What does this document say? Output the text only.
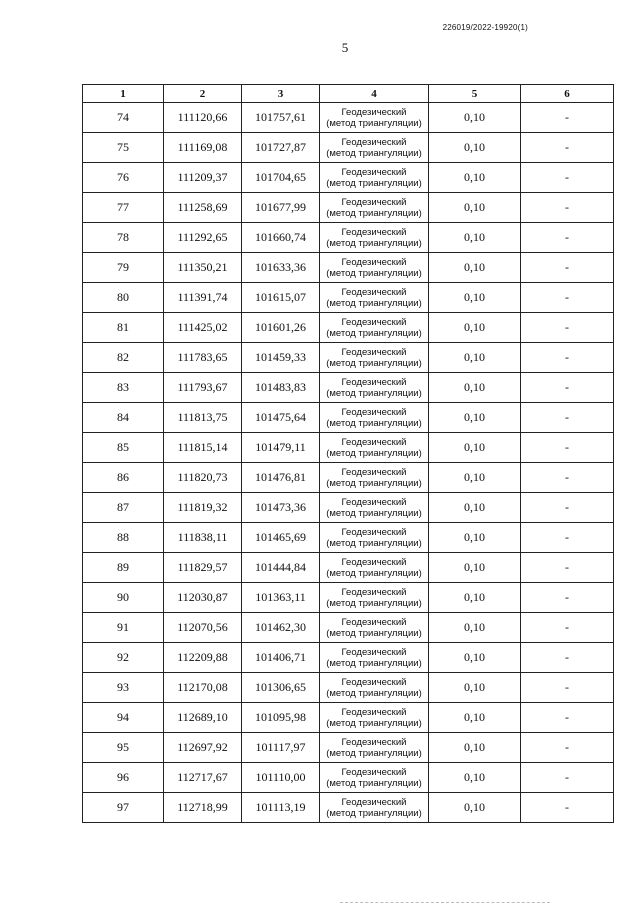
226019/2022-19920(1)
5
1	2	3	4	5	6
74	111120,66	101757,61	Геодезический
(метод триангуляции)	0,10	-
75	111169,08	101727,87	Геодезический
(метод триангуляции)	0,10	-
76	111209,37	101704,65	Геодезический
(метод триангуляции)	0,10	-
77	111258,69	101677,99	Геодезический
(метод триангуляции)	0,10	-
78	111292,65	101660,74	Геодезический
(метод триангуляции)	0,10	-
79	111350,21	101633,36	Геодезический
(метод триангуляции)	0,10	-
80	111391,74	101615,07	Геодезический
(метод триангуляции)	0,10	-
81	111425,02	101601,26	Геодезический
(метод триангуляции)	0,10	-
82	111783,65	101459,33	Геодезический
(метод триангуляции)	0,10	-
83	111793,67	101483,83	Геодезический
(метод триангуляции)	0,10	-
84	111813,75	101475,64	Геодезический
(метод триангуляции)	0,10	-
85	111815,14	101479,11	Геодезический
(метод триангуляции)	0,10	-
86	111820,73	101476,81	Геодезический
(метод триангуляции)	0,10	-
87	111819,32	101473,36	Геодезический
(метод триангуляции)	0,10	-
88	111838,11	101465,69	Геодезический
(метод триангуляции)	0,10	-
89	111829,57	101444,84	Геодезический
(метод триангуляции)	0,10	-
90	112030,87	101363,11	Геодезический
(метод триангуляции)	0,10	-
91	112070,56	101462,30	Геодезический
(метод триангуляции)	0,10	-
92	112209,88	101406,71	Геодезический
(метод триангуляции)	0,10	-
93	112170,08	101306,65	Геодезический
(метод триангуляции)	0,10	-
94	112689,10	101095,98	Геодезический
(метод триангуляции)	0,10	-
95	112697,92	101117,97	Геодезический
(метод триангуляции)	0,10	-
96	112717,67	101110,00	Геодезический
(метод триангуляции)	0,10	-
97	112718,99	101113,19	Геодезический
(метод триангуляции)	0,10	-
